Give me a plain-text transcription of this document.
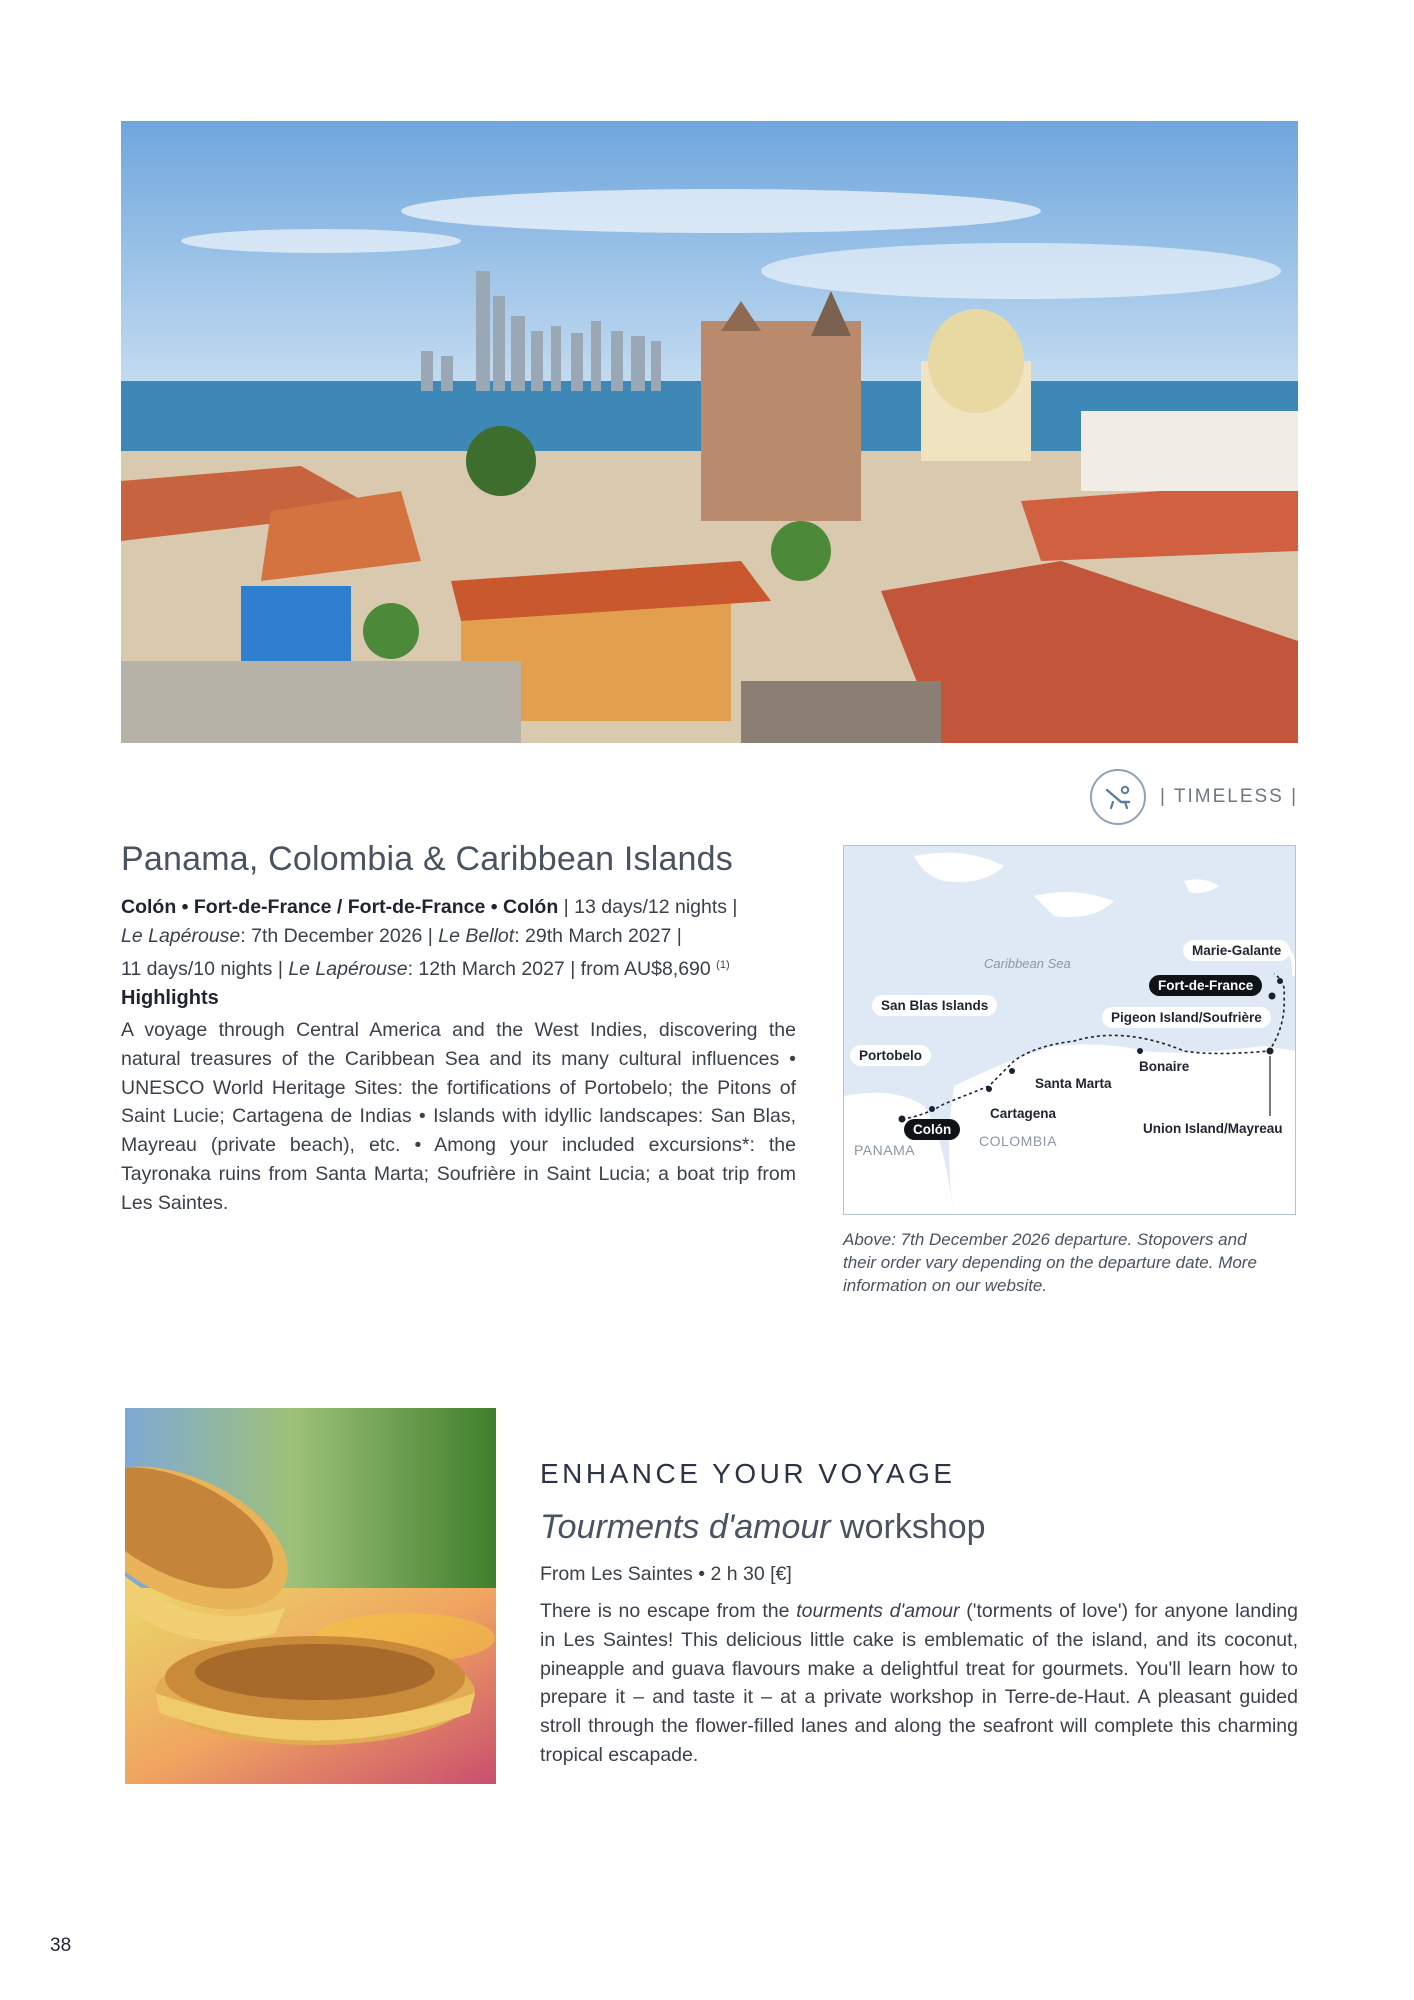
| TIMELESS |
Panama, Colombia & Caribbean Islands
Colón • Fort-de-France / Fort-de-France • Colón | 13 days/12 nights |
Le Lapérouse: 7th December 2026 | Le Bellot: 29th March 2027 |
11 days/10 nights | Le Lapérouse: 12th March 2027 | from AU$8,690 $^{(1)}$
Highlights

A voyage through Central America and the West Indies, discovering the natural treasures of the Caribbean Sea and its many cultural influences • UNESCO World Heritage Sites: the fortifications of Portobelo; the Pitons of Saint Lucie; Cartagena de Indias • Islands with idyllic landscapes: San Blas, Mayreau (private beach), etc. • Among your included excursions*: the Tayronaka ruins from Santa Marta; Soufrière in Saint Lucia; a boat trip from Les Saintes.

Caribbean Sea
PANAMA
COLOMBIA
Marie-Galante
Fort-de-France
Pigeon Island/Soufrière
San Blas Islands
Portobelo
Bonaire
Santa Marta
Cartagena
Colón	Union Island/Mayreau

Above: 7th December 2026 departure. Stopovers and their order vary depending on the departure date. More information on our website.

ENHANCE YOUR VOYAGE
Tourments d'amour workshop
From Les Saintes • 2 h 30 [€]

There is no escape from the tourments d'amour ('torments of love') for anyone landing in Les Saintes! This delicious little cake is emblematic of the island, and its coconut, pineapple and guava flavours make a delightful treat for gourmets. You'll learn how to prepare it – and taste it – at a private workshop in Terre-de-Haut. A pleasant guided stroll through the flower-filled lanes and along the seafront will complete this charming tropical escapade.

38
